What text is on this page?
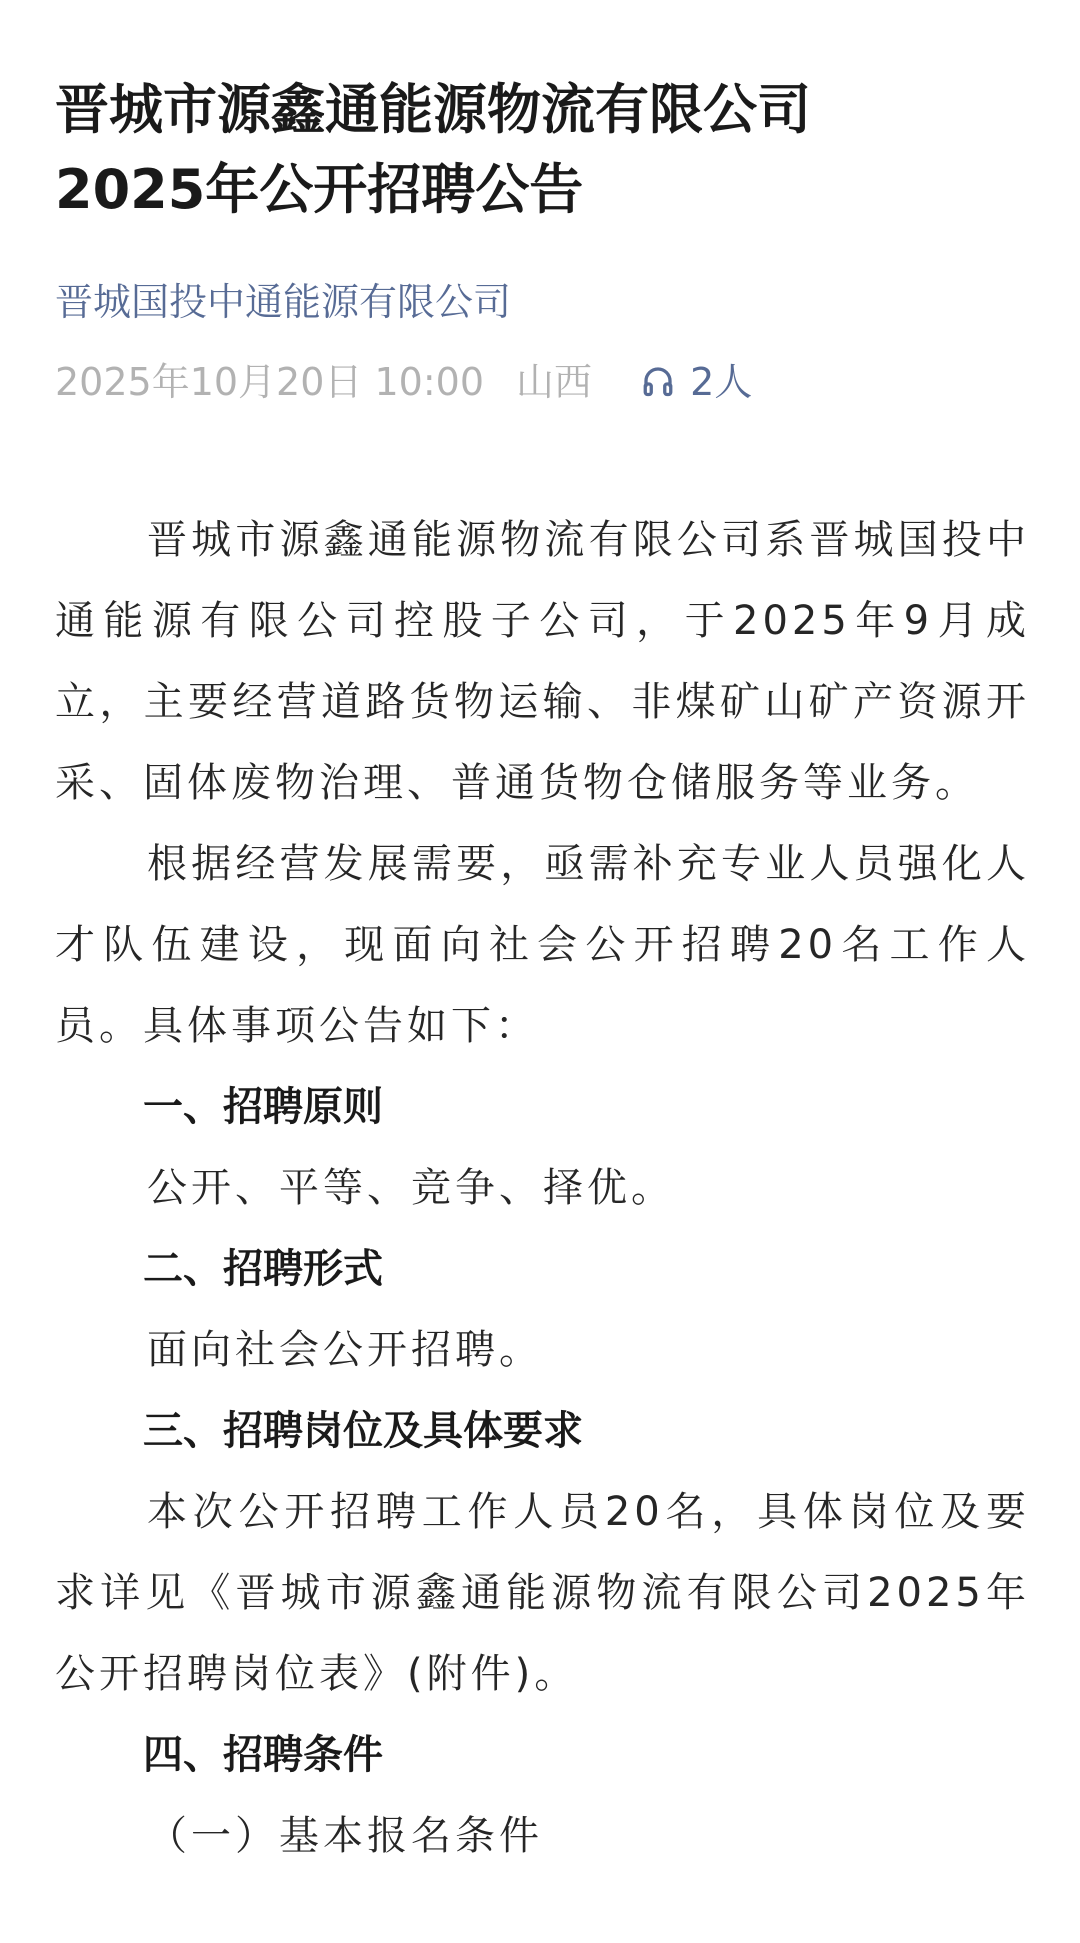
晋城市源鑫通能源物流有限公司
2025年公开招聘公告
晋城国投中通能源有限公司
2025年10月20日 10:00 山西	2人

晋城市源鑫通能源物流有限公司系晋城国投中通能源有限公司控股子公司，于2025年9月成立，主要经营道路货物运输、非煤矿山矿产资源开采、固体废物治理、普通货物仓储服务等业务。

根据经营发展需要，亟需补充专业人员强化人才队伍建设，现面向社会公开招聘20名工作人员。具体事项公告如下：

一、招聘原则

公开、平等、竞争、择优。

二、招聘形式

面向社会公开招聘。

三、招聘岗位及具体要求

本次公开招聘工作人员20名，具体岗位及要求详见《晋城市源鑫通能源物流有限公司2025年公开招聘岗位表》(附件)。

四、招聘条件

（一）基本报名条件
